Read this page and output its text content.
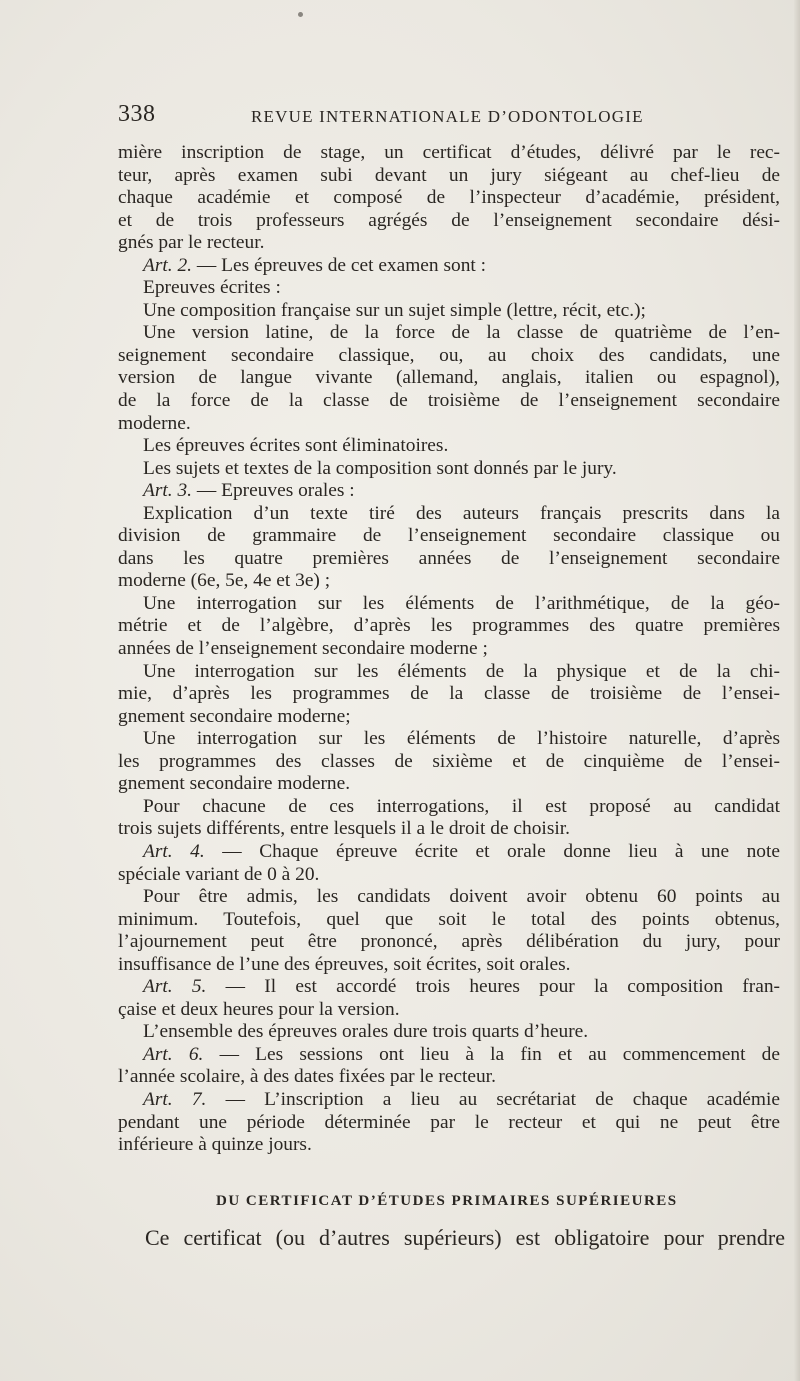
338	REVUE INTERNATIONALE D’ODONTOLOGIE
mière inscription de stage, un certificat d’études, délivré par le rec-
teur, après examen subi devant un jury siégeant au chef-lieu de
chaque académie et composé de l’inspecteur d’académie, président,
et de trois professeurs agrégés de l’enseignement secondaire dési-
gnés par le recteur.
Art. 2. — Les épreuves de cet examen sont :
Epreuves écrites :
Une composition française sur un sujet simple (lettre, récit, etc.);
Une version latine, de la force de la classe de quatrième de l’en-
seignement secondaire classique, ou, au choix des candidats, une
version de langue vivante (allemand, anglais, italien ou espagnol),
de la force de la classe de troisième de l’enseignement secondaire
moderne.
Les épreuves écrites sont éliminatoires.
Les sujets et textes de la composition sont donnés par le jury.
Art. 3. — Epreuves orales :
Explication d’un texte tiré des auteurs français prescrits dans la
division de grammaire de l’enseignement secondaire classique ou
dans les quatre premières années de l’enseignement secondaire
moderne (6e, 5e, 4e et 3e) ;
Une interrogation sur les éléments de l’arithmétique, de la géo-
métrie et de l’algèbre, d’après les programmes des quatre premières
années de l’enseignement secondaire moderne ;
Une interrogation sur les éléments de la physique et de la chi-
mie, d’après les programmes de la classe de troisième de l’ensei-
gnement secondaire moderne;
Une interrogation sur les éléments de l’histoire naturelle, d’après
les programmes des classes de sixième et de cinquième de l’ensei-
gnement secondaire moderne.
Pour chacune de ces interrogations, il est proposé au candidat
trois sujets différents, entre lesquels il a le droit de choisir.
Art. 4. — Chaque épreuve écrite et orale donne lieu à une note
spéciale variant de 0 à 20.
Pour être admis, les candidats doivent avoir obtenu 60 points au
minimum. Toutefois, quel que soit le total des points obtenus,
l’ajournement peut être prononcé, après délibération du jury, pour
insuffisance de l’une des épreuves, soit écrites, soit orales.
Art. 5. — Il est accordé trois heures pour la composition fran-
çaise et deux heures pour la version.
L’ensemble des épreuves orales dure trois quarts d’heure.
Art. 6. — Les sessions ont lieu à la fin et au commencement de
l’année scolaire, à des dates fixées par le recteur.
Art. 7. — L’inscription a lieu au secrétariat de chaque académie
pendant une période déterminée par le recteur et qui ne peut être
inférieure à quinze jours.
DU CERTIFICAT D’ÉTUDES PRIMAIRES SUPÉRIEURES
Ce certificat (ou d’autres supérieurs) est obligatoire pour prendre
